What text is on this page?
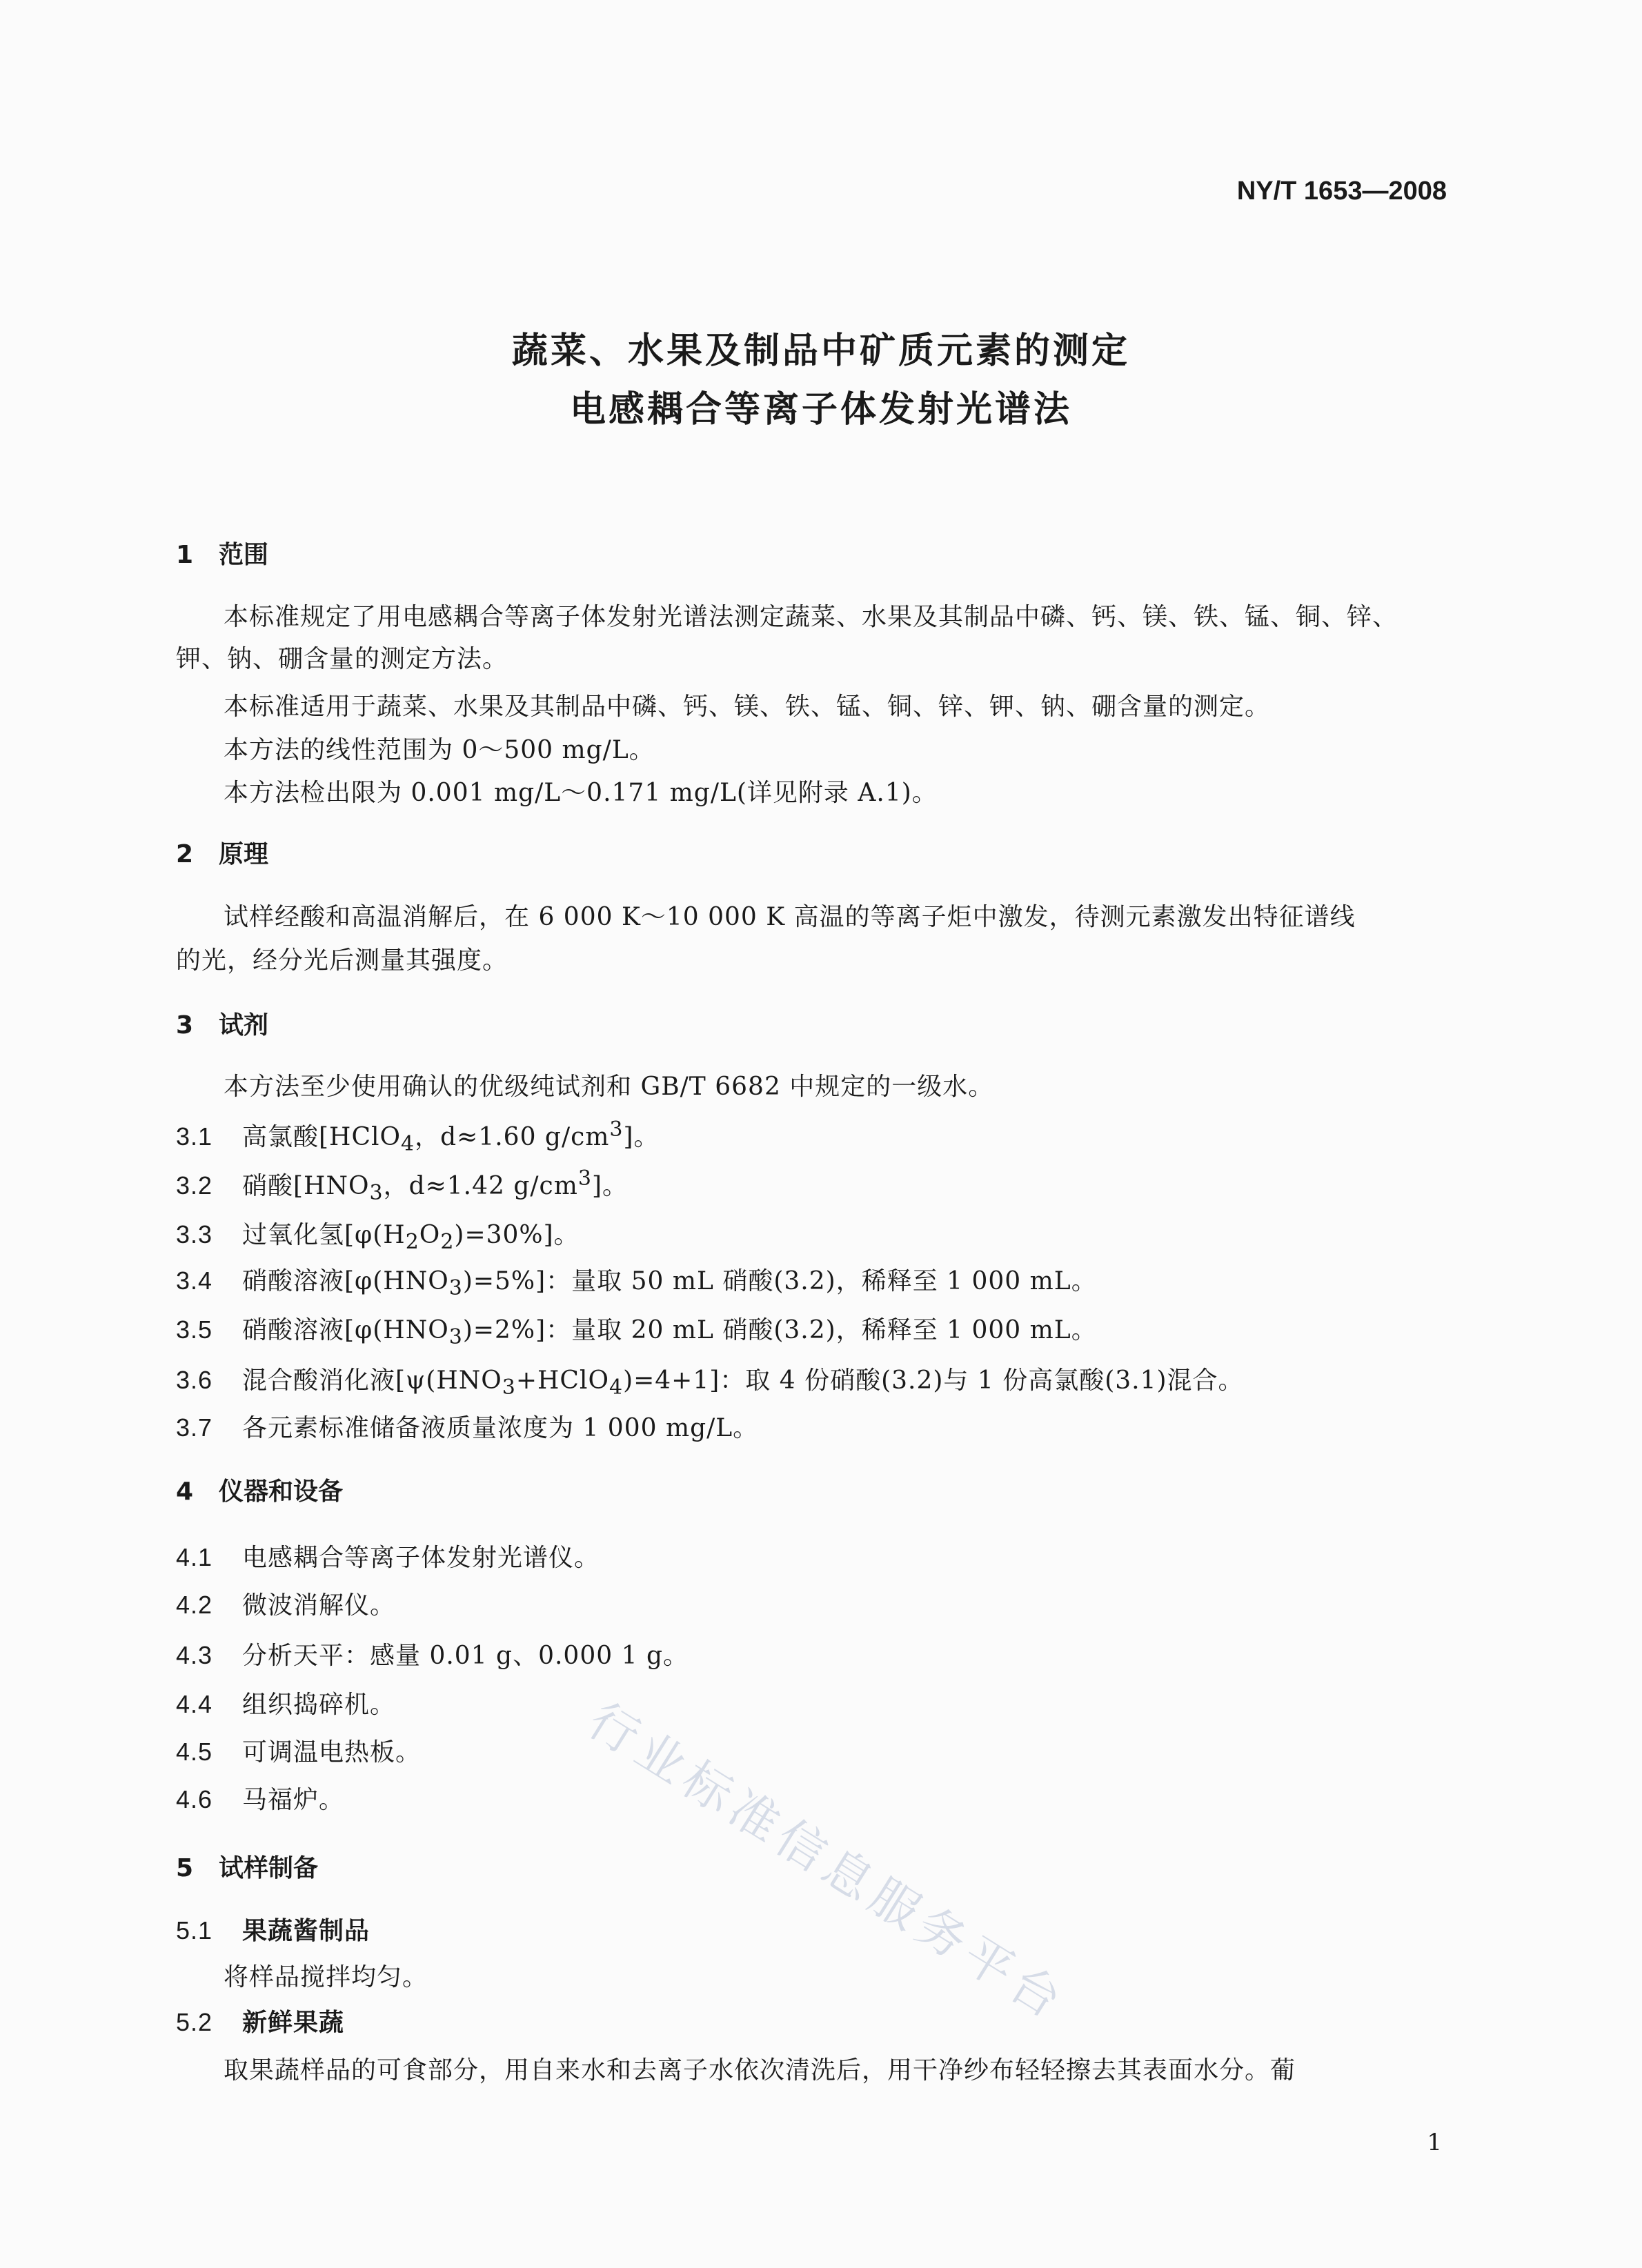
NY/T 1653—2008
蔬菜、水果及制品中矿质元素的测定
电感耦合等离子体发射光谱法
1 范围
本标准规定了用电感耦合等离子体发射光谱法测定蔬菜、水果及其制品中磷、钙、镁、铁、锰、铜、锌、
钾、钠、硼含量的测定方法。
本标准适用于蔬菜、水果及其制品中磷、钙、镁、铁、锰、铜、锌、钾、钠、硼含量的测定。
本方法的线性范围为 0～500 mg/L。
本方法检出限为 0.001 mg/L～0.171 mg/L(详见附录 A.1)。
2 原理
试样经酸和高温消解后，在 6 000 K～10 000 K 高温的等离子炬中激发，待测元素激发出特征谱线
的光，经分光后测量其强度。
3 试剂
本方法至少使用确认的优级纯试剂和 GB/T 6682 中规定的一级水。
3.1 高氯酸[HClO$_4$，d≈1.60 $g/cm^3$]。
3.2 硝酸[$HNO_3$，d≈1.42 $g/cm^3$]。
3.3 过氧化氢$[\varphi(H_2O_2)=30\%]$。
3.4 硝酸溶液$[\varphi(HNO_3)=5\%]$：量取 50 mL 硝酸(3.2)，稀释至 1 000 mL。
3.5 硝酸溶液$[\varphi(HNO_3)=2\%]$：量取 20 mL 硝酸(3.2)，稀释至 1 000 mL。
3.6 混合酸消化液$[\psi(HNO_3+HClO_4)=4+1]$：取 4 份硝酸(3.2)与 1 份高氯酸(3.1)混合。
3.7 各元素标准储备液质量浓度为 1 000 mg/L。
4 仪器和设备
4.1 电感耦合等离子体发射光谱仪。
4.2 微波消解仪。
4.3 分析天平：感量 0.01 g、0.000 1 g。
4.4 组织捣碎机。
4.5 可调温电热板。
4.6 马福炉。
5 试样制备
5.1 果蔬酱制品
将样品搅拌均匀。
5.2 新鲜果蔬
取果蔬样品的可食部分，用自来水和去离子水依次清洗后，用干净纱布轻轻擦去其表面水分。葡
1
行业标准信息服务平台
